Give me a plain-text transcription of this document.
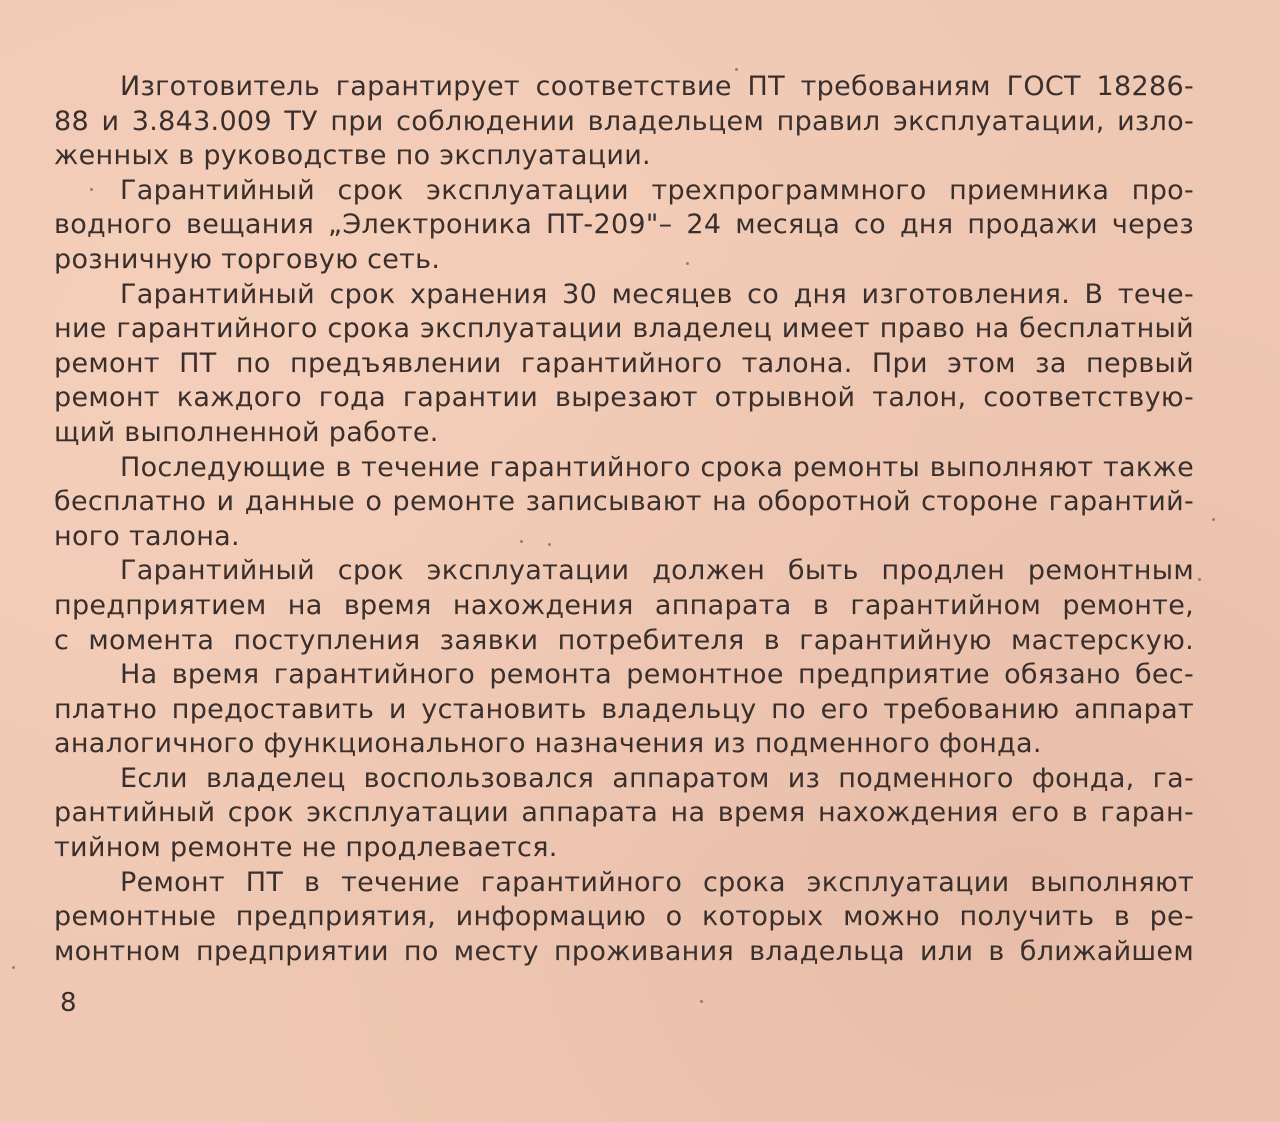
Изготовитель гарантирует соответствие ПТ требованиям ГОСТ 18286-
88 и 3.843.009 ТУ при соблюдении владельцем правил эксплуатации, изло-
женных в руководстве по эксплуатации.
Гарантийный срок эксплуатации трехпрограммного приемника про-
водного вещания „Электроника ПТ-209"– 24 месяца со дня продажи через
розничную торговую сеть.
Гарантийный срок хранения 30 месяцев со дня изготовления. В тече-
ние гарантийного срока эксплуатации владелец имеет право на бесплатный
ремонт ПТ по предъявлении гарантийного талона. При этом за первый
ремонт каждого года гарантии вырезают отрывной талон, соответствую-
щий выполненной работе.
Последующие в течение гарантийного срока ремонты выполняют также
бесплатно и данные о ремонте записывают на оборотной стороне гарантий-
ного талона.
Гарантийный срок эксплуатации должен быть продлен ремонтным
предприятием на время нахождения аппарата в гарантийном ремонте,
с момента поступления заявки потребителя в гарантийную мастерскую.
На время гарантийного ремонта ремонтное предприятие обязано бес-
платно предоставить и установить владельцу по его требованию аппарат
аналогичного функционального назначения из подменного фонда.
Если владелец воспользовался аппаратом из подменного фонда, га-
рантийный срок эксплуатации аппарата на время нахождения его в гаран-
тийном ремонте не продлевается.
Ремонт ПТ в течение гарантийного срока эксплуатации выполняют
ремонтные предприятия, информацию о которых можно получить в ре-
монтном предприятии по месту проживания владельца или в ближайшем
8
